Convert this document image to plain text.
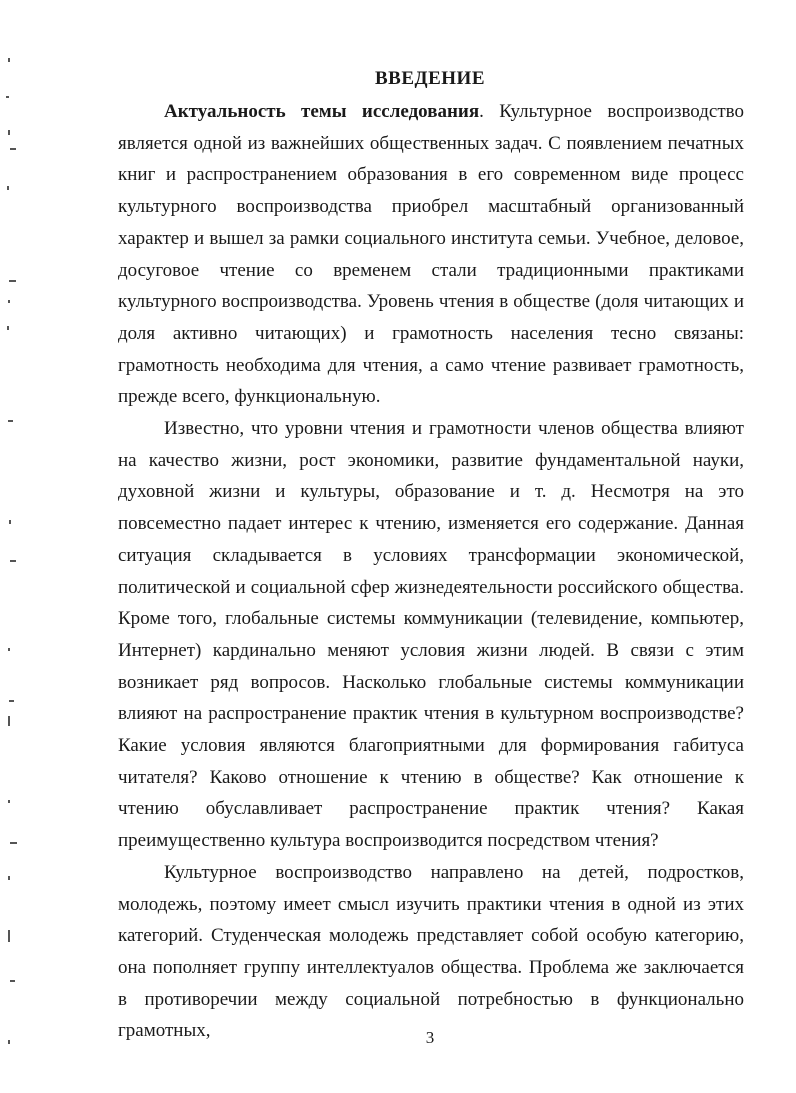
ВВЕДЕНИЕ

Актуальность темы исследования. Культурное воспроизводство является одной из важнейших общественных задач. С появлением печатных книг и распространением образования в его современном виде процесс культурного воспроизводства приобрел масштабный организованный характер и вышел за рамки социального института семьи. Учебное, деловое, досуговое чтение со временем стали традиционными практиками культурного воспроизводства. Уровень чтения в обществе (доля читающих и доля активно читающих) и грамотность населения тесно связаны: грамотность необходима для чтения, а само чтение развивает грамотность, прежде всего, функциональную.

Известно, что уровни чтения и грамотности членов общества влияют на качество жизни, рост экономики, развитие фундаментальной науки, духовной жизни и культуры, образование и т. д. Несмотря на это повсеместно падает интерес к чтению, изменяется его содержание. Данная ситуация складывается в условиях трансформации экономической, политической и социальной сфер жизнедеятельности российского общества. Кроме того, глобальные системы коммуникации (телевидение, компьютер, Интернет) кардинально меняют условия жизни людей. В связи с этим возникает ряд вопросов. Насколько глобальные системы коммуникации влияют на распространение практик чтения в культурном воспроизводстве? Какие условия являются благоприятными для формирования габитуса читателя? Каково отношение к чтению в обществе? Как отношение к чтению обуславливает распространение практик чтения? Какая преимущественно культура воспроизводится посредством чтения?

Культурное воспроизводство направлено на детей, подростков, молодежь, поэтому имеет смысл изучить практики чтения в одной из этих категорий. Студенческая молодежь представляет собой особую категорию, она пополняет группу интеллектуалов общества. Проблема же заключается в противоречии между социальной потребностью в функционально грамотных,	3
